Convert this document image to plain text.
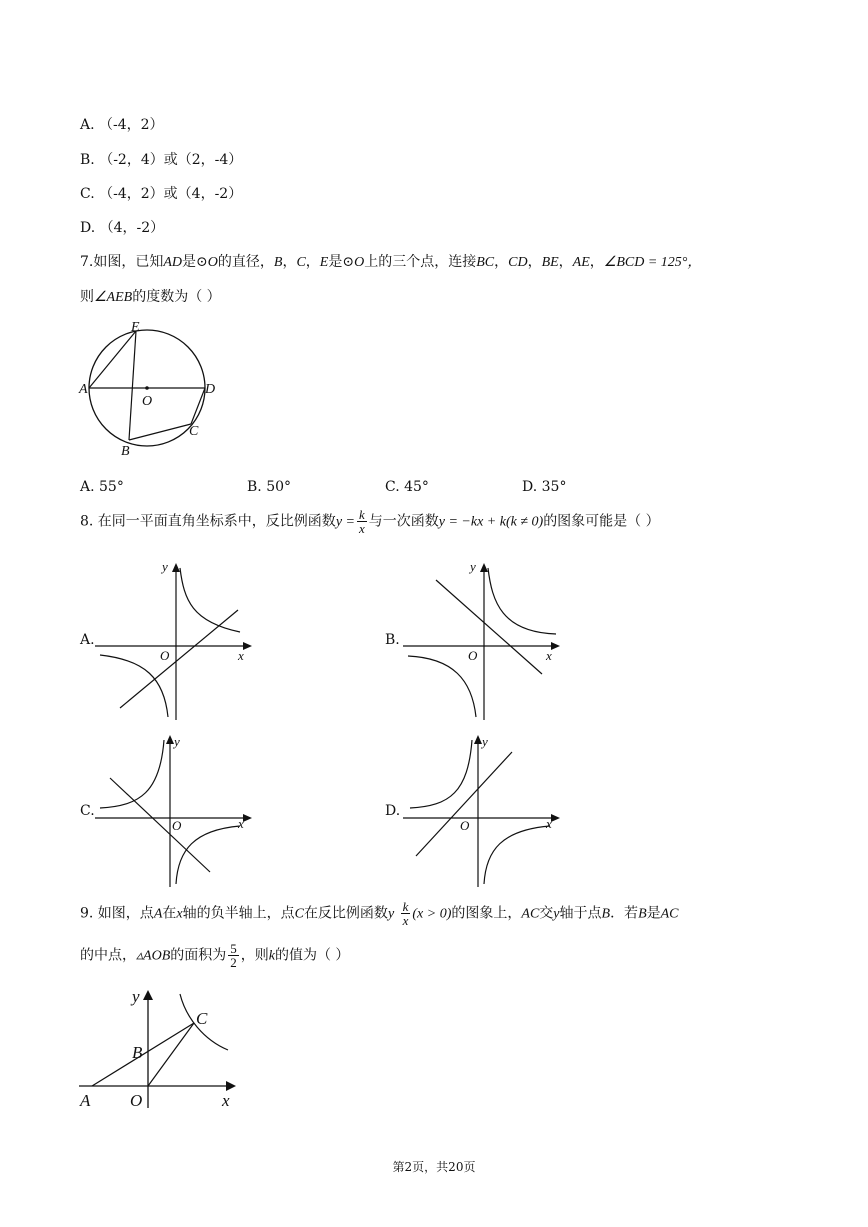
A. （-4，2）
B. （-2，4）或（2，-4）
C. （-4，2）或（4，-2）
D. （4，-2）
7.如图，已知AD是⊙O的直径，B，C，E是⊙O上的三个点，连接BC，CD，BE，AE，∠BCD = 125°，
则∠AEB的度数为（ ）
E
A
O
D
B
C
A. 55°	B. 50°	C. 45°	D. 35°
8. 在同一平面直角坐标系中，反比例函数$y = \frac{k}{x}$ 与一次函数y = −kx + k(k ≠ 0)的图象可能是（ ）
A.
y
x
O
B.
y
x
O
C.
y
x
O
D.
y
x
O
9. 如图，点A在x轴的负半轴上，点C在反比例函数y $\frac{k}{x} (x > 0)$的图象上，AC交y轴于点B．若B是AC
的中点，▵AOB的面积为 $\frac{5}{2}$ ，则k的值为（ ）
y
C
B
A O	x
第2页，共20页
